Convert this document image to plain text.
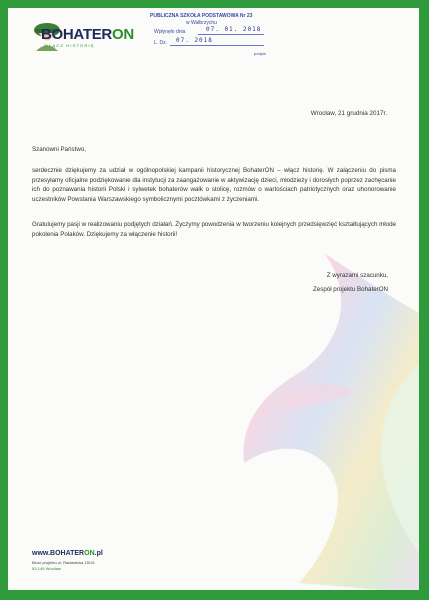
BOHATERON
WŁĄCZ HISTORIĘ
PUBLICZNA SZKOŁA PODSTAWOWA Nr 23
w Wałbrzychu
Wpłynęło dnia	07. 01. 2018
L. Dz. 07. 2018
podpis
Wrocław, 21 grudnia 2017r.
Szanowni Państwo,
serdecznie dziękujemy za udział w ogólnopolskiej kampanii historycznej BohaterON – włącz historię. W załączeniu do pisma przesyłamy oficjalne podziękowanie dla instytucji za zaangażowanie w aktywizację dzieci, młodzieży i dorosłych poprzez zachęcanie ich do poznawania historii Polski i sylwetek bohaterów walk o stolicę, rozmów o wartościach patriotycznych oraz uhonorowanie uczestników Powstania Warszawskiego symbolicznymi pocztówkami z życzeniami.
Gratulujemy pasji w realizowaniu podjętych działań. Życzymy powodzenia w tworzeniu kolejnych przedsięwzięć kształtujących młode pokolenia Polaków. Dziękujemy za włączenie historii!
Z wyrazami szacunku,
Zespół projektu BohaterON
www.BOHATERON.pl
Biuro projektu ul. Racławicka 15/19
53-149 Wrocław
